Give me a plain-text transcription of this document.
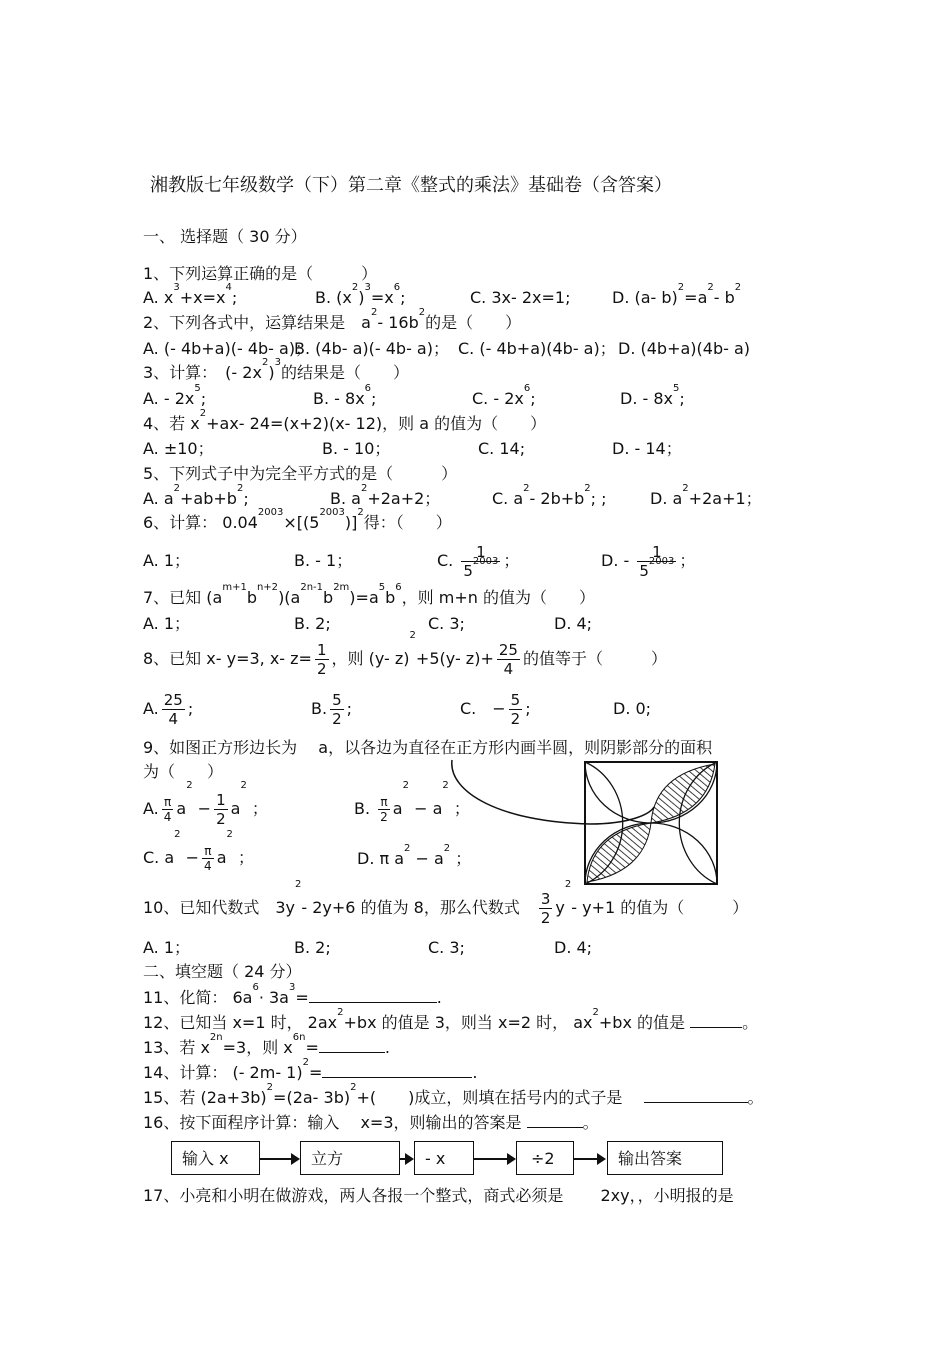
湘教版七年级数学（下）第二章《整式的乘法》基础卷（含答案）
一、 选择题（ 30 分）
1、下列运算正确的是（　　　）
A. $x^3+x=x^4$;	B. $(x^2)^3=x^6$;	C. 3x- 2x=1;	D. (a- $b)^2=a^2-$ $b^2$
2、下列各式中，运算结果是　$a^2-$ $16b^2$的是（　　）
A. (- 4b+a)(- 4b- a)；
B. (4b- a)(- 4b- a)； C. (- 4b+a)(4b- a)； D. (4b+a)(4b- a)
3、计算：　(- $2x^2)^3$的结果是（　　）
A. - $2x^5$;	B. - $8x^6$;	C. - $2x^6$;	D. - $8x^5$;
4、若 $x^2+ax-$ 24=(x+2)(x- 12)，则 a 的值为（　　）
A. ±10；	B. - 10；	C. 14;	D. - 14；
5、下列式子中为完全平方式的是（　　　）
A. $a^2+ab+b^2$;	B. $a^2+2a+2$；	C. $a^2-$ $2b+b^2$; ;	D. $a^2+2a+1$；
6、计算： $0.04^{2003}\times[(5^{2003})]^2$得：（　　）
A. 1；	B. - 1；	C. $\frac{1}{5^{2003}}$ ；	D. - $\frac{1}{5^{2003}}$ ；
7、已知 $(a^{m+1}b^{n+2})(a^{2n-1}b^{2m})=a^5b^6$，则 m+n 的值为（　　）
A. 1；	B. 2;	C. 3;	D. 4;
8、已知 x- y=3, x- $z= \frac{1}{2}$ ，则 (y- z)$^2$+5(y- $z)+ \frac{25}{4}$ 的值等于（　　　）
A. $\frac{25}{4}$ ;	B. $\frac{5}{2}$ ;	C.　− $\frac{5}{2}$ ;	D. 0;
9、如图正方形边长为　 a，以各边为直径在正方形内画半圆，则阴影部分的面积
为（　　）
A. $\frac{\pi}{4} a^2 - \frac{1}{2} a^2$ ；	B. $\frac{\pi}{2} a^2 - a^2$ ；
C. $a^2 - \frac{\pi}{4} a^2$ ；	D. π $a^2 - a^2$ ；
10、已知代数式　$3y^2-$ 2y+6 的值为 8，那么代数式　 $\frac{3}{2} y^2-$ y+1 的值为（　　　）
A. 1；	B. 2;	C. 3;	D. 4;
二、填空题（ 24 分）
11、化简： $6a^6\cdot 3a^3=$	.
12、已知当 x=1 时， $2ax^2+bx$ 的值是 3，则当 x=2 时， $ax^2+bx$ 的值是	。
13、若 $x^{2n}=3$，则 $x^{6n}=$	.
14、计算： (- 2m- 1)$^2$=	.
15、若 $(2a+3b)^2=(2a-$ 3b)$^2$+(　　)成立，则填在括号内的式子是　	。
16、按下面程序计算：输入　 x=3，则输出的答案是	。
输入 x	立方	- x	÷2	输出答案
17、小亮和小明在做游戏，两人各报一个整式，商式必须是　　 2xy，，小明报的是
